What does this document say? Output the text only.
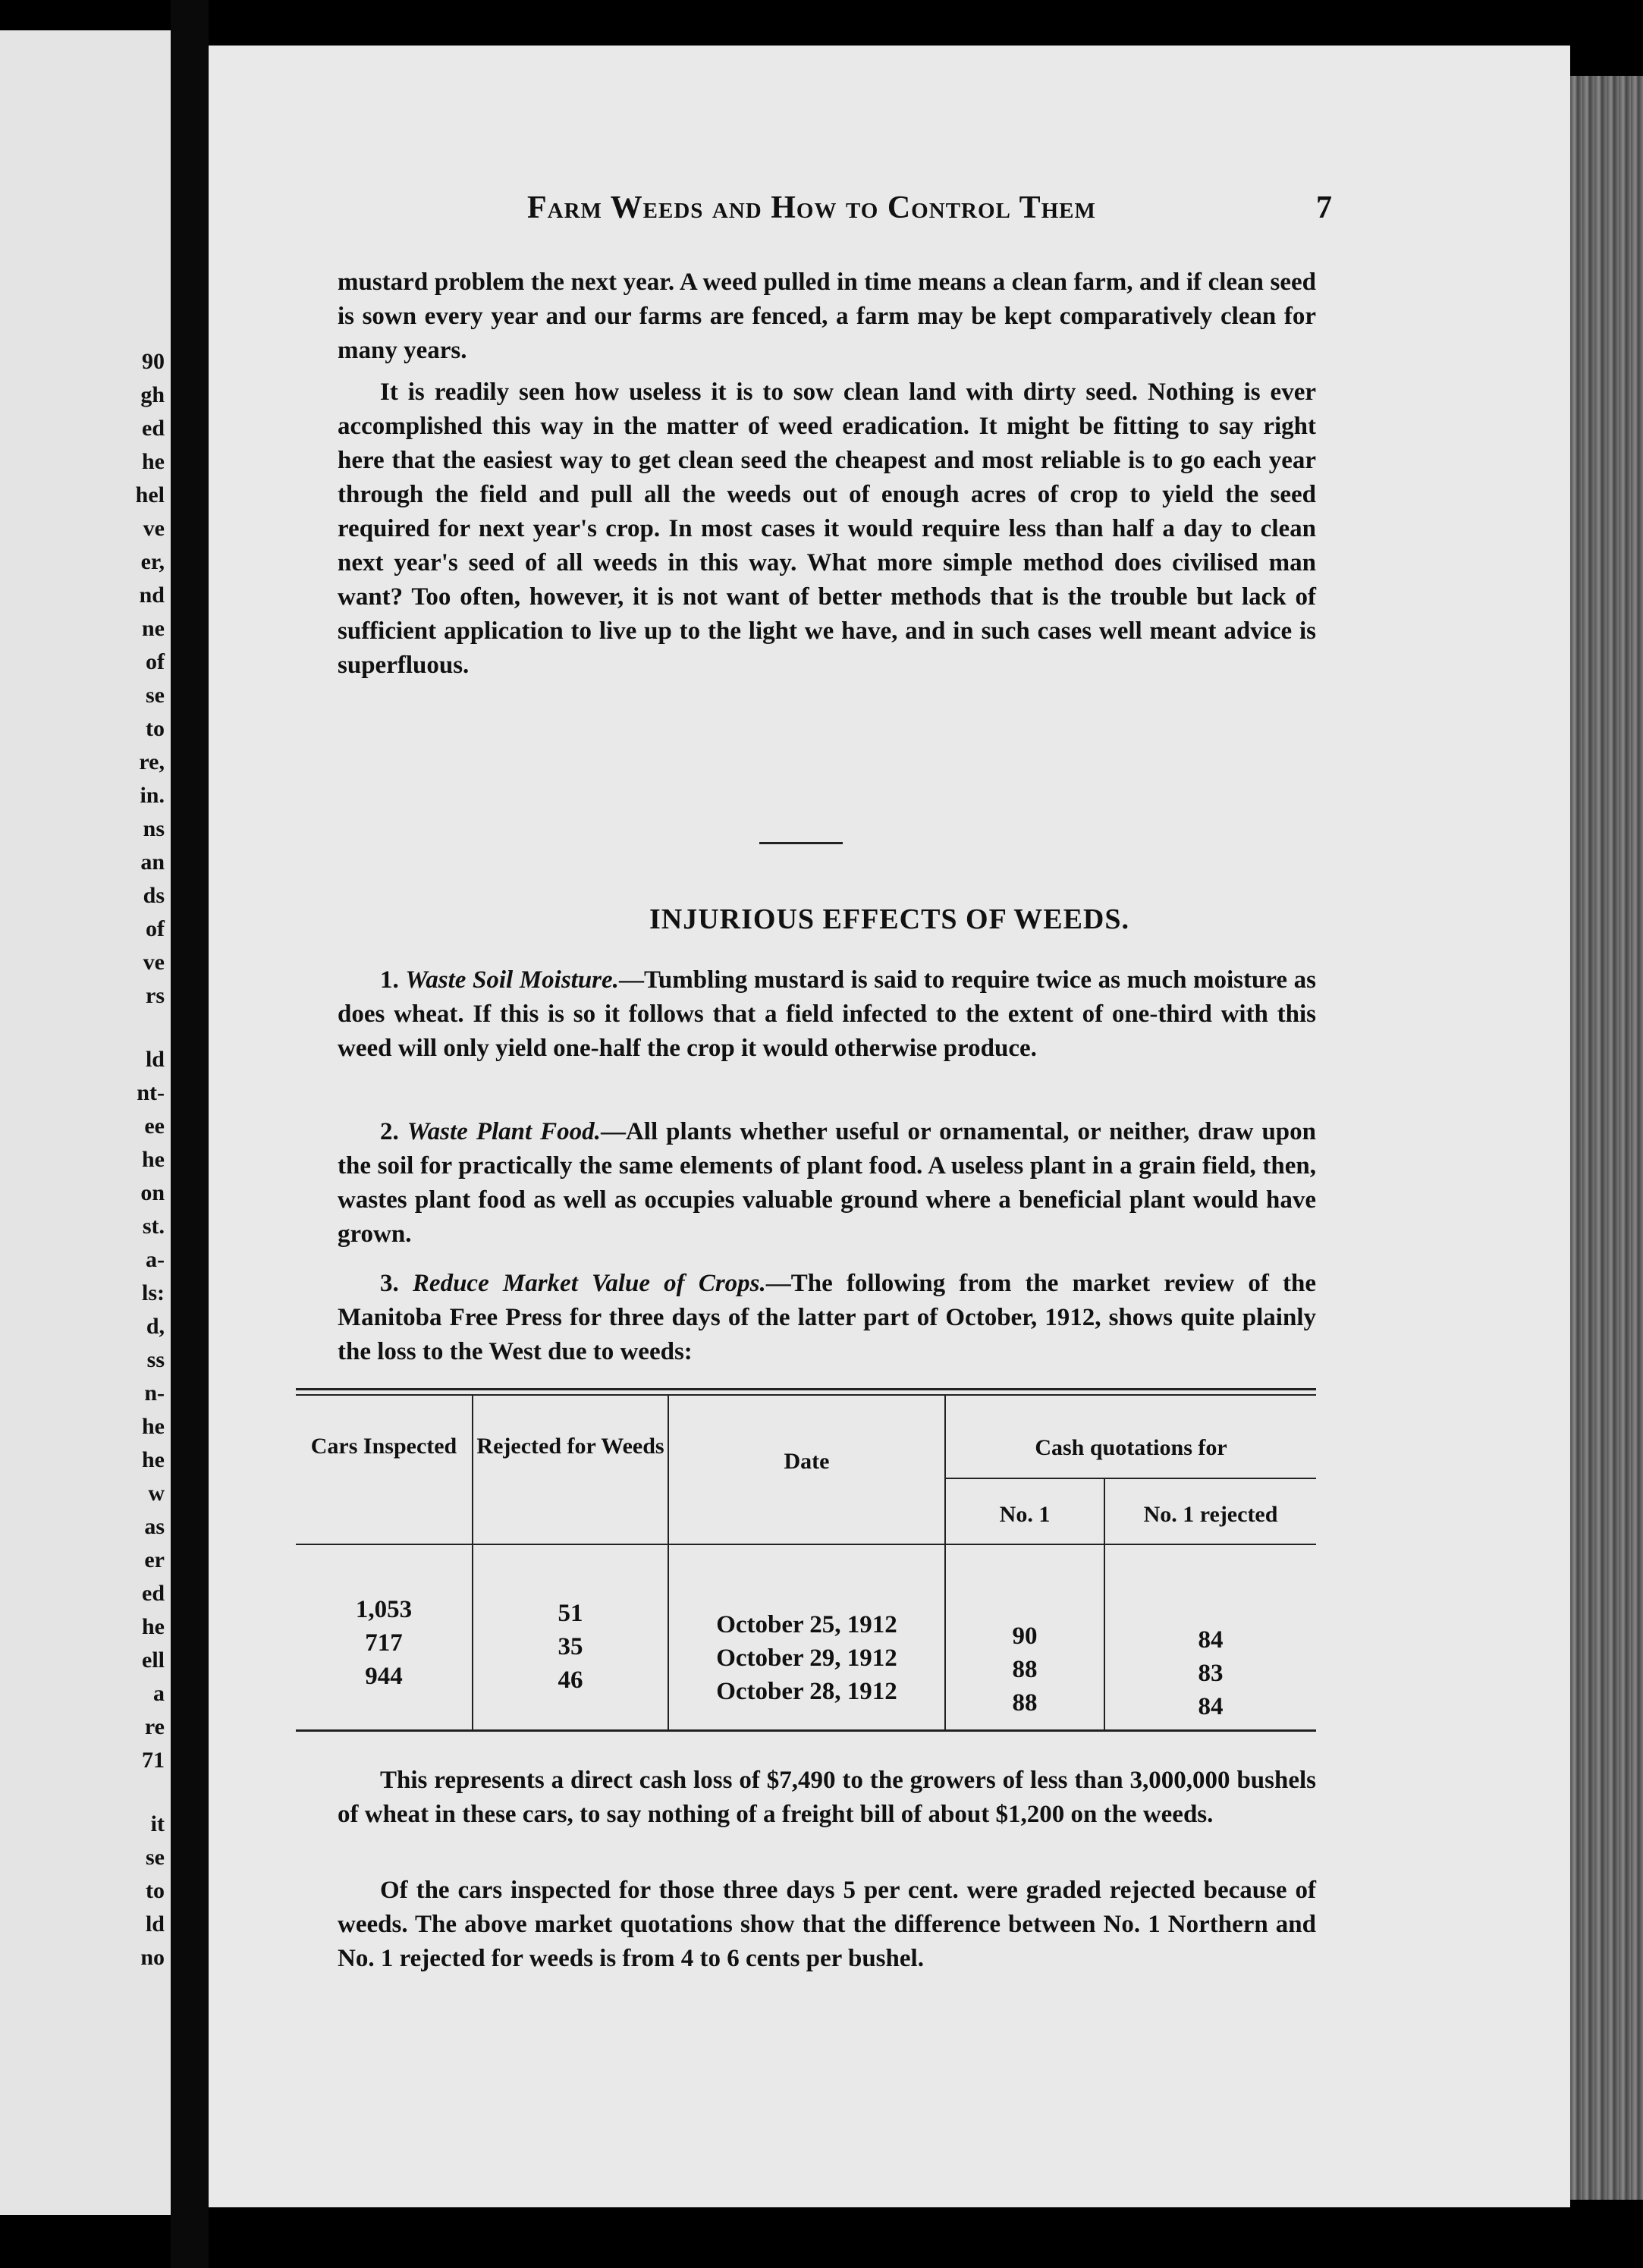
90
gh
ed
he
hel
ve
er,
nd
ne
of
se
to
re,
in.
ns
an
ds
of
ve
rs
ld
nt-
ee
he
on
st.
a-
ls:
d,
ss
n-
he
he
w
as
er
ed
he
ell
a
re
71
it
se
to
ld
no
Farm Weeds and How to Control Them	7

mustard problem the next year. A weed pulled in time means a clean farm, and if clean seed is sown every year and our farms are fenced, a farm may be kept comparatively clean for many years.

It is readily seen how useless it is to sow clean land with dirty seed. Nothing is ever accomplished this way in the matter of weed eradication. It might be fitting to say right here that the easiest way to get clean seed the cheapest and most reliable is to go each year through the field and pull all the weeds out of enough acres of crop to yield the seed required for next year's crop. In most cases it would require less than half a day to clean next year's seed of all weeds in this way. What more simple method does civilised man want? Too often, however, it is not want of better methods that is the trouble but lack of sufficient application to live up to the light we have, and in such cases well meant advice is superfluous.

INJURIOUS EFFECTS OF WEEDS.

1. Waste Soil Moisture.—Tumbling mustard is said to require twice as much moisture as does wheat. If this is so it follows that a field infected to the extent of one-third with this weed will only yield one-half the crop it would otherwise produce.

2. Waste Plant Food.—All plants whether useful or ornamental, or neither, draw upon the soil for practically the same elements of plant food. A useless plant in a grain field, then, wastes plant food as well as occupies valuable ground where a beneficial plant would have grown.

3. Reduce Market Value of Crops.—The following from the market review of the Manitoba Free Press for three days of the latter part of October, 1912, shows quite plainly the loss to the West due to weeds:

Cars Inspected Rejected for Weeds
Date
Cash quotations for
No. 1	No. 1 rejected
1,053
717
944
51
35
46
October 25, 1912
October 29, 1912
October 28, 1912
90
88
88
84
83
84

This represents a direct cash loss of $7,490 to the growers of less than 3,000,000 bushels of wheat in these cars, to say nothing of a freight bill of about $1,200 on the weeds.

Of the cars inspected for those three days 5 per cent. were graded rejected because of weeds. The above market quotations show that the difference between No. 1 Northern and No. 1 rejected for weeds is from 4 to 6 cents per bushel.
